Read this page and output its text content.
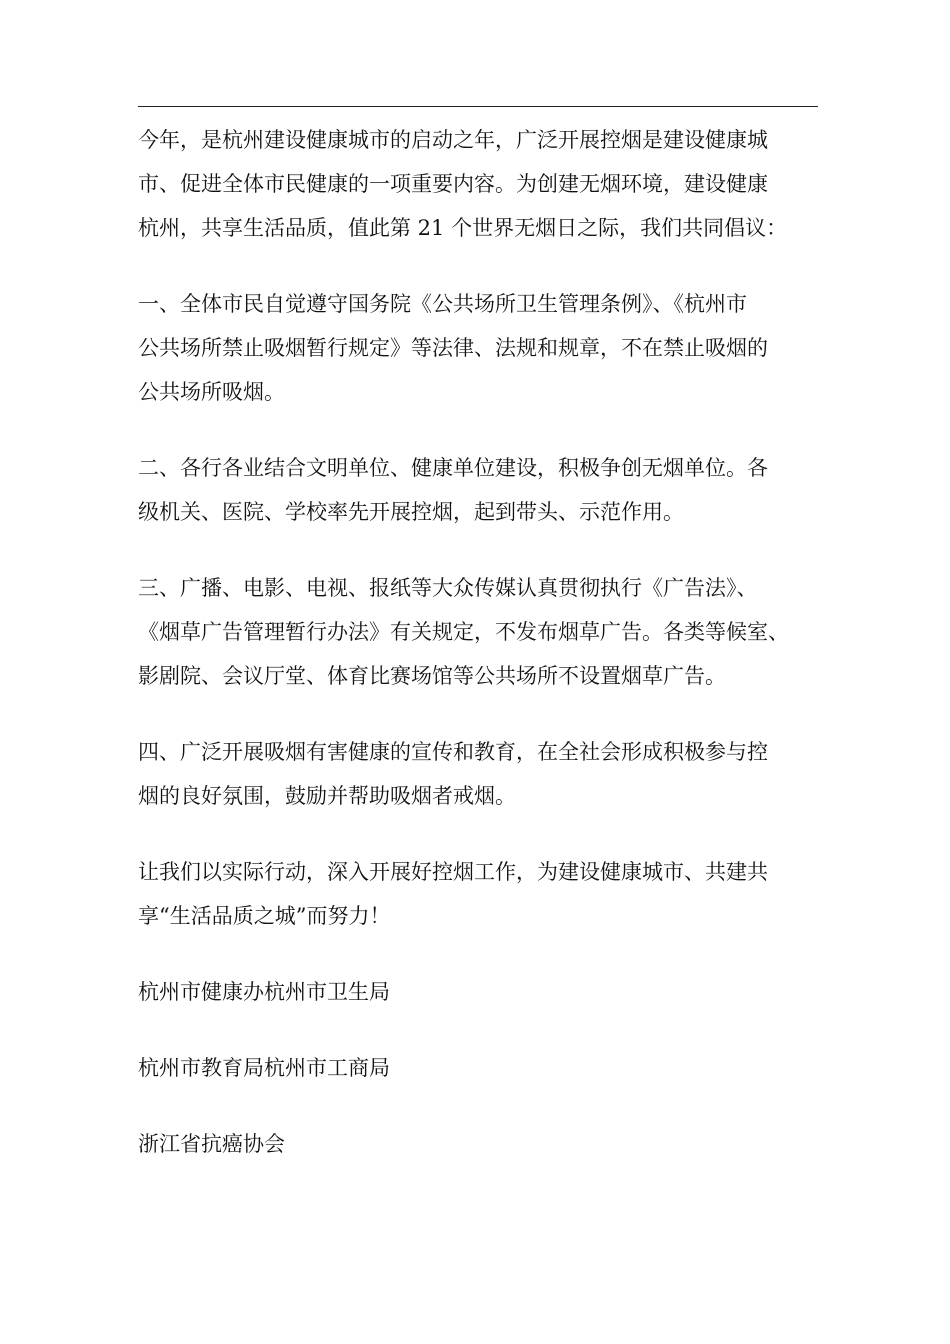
今年，是杭州建设健康城市的启动之年，广泛开展控烟是建设健康城
市、促进全体市民健康的一项重要内容。为创建无烟环境，建设健康
杭州，共享生活品质，值此第 21 个世界无烟日之际，我们共同倡议：

一、全体市民自觉遵守国务院《公共场所卫生管理条例》、《杭州市
公共场所禁止吸烟暂行规定》等法律、法规和规章，不在禁止吸烟的
公共场所吸烟。

二、各行各业结合文明单位、健康单位建设，积极争创无烟单位。各
级机关、医院、学校率先开展控烟，起到带头、示范作用。

三、广播、电影、电视、报纸等大众传媒认真贯彻执行《广告法》、
《烟草广告管理暂行办法》有关规定，不发布烟草广告。各类等候室、
影剧院、会议厅堂、体育比赛场馆等公共场所不设置烟草广告。

四、广泛开展吸烟有害健康的宣传和教育，在全社会形成积极参与控
烟的良好氛围，鼓励并帮助吸烟者戒烟。

让我们以实际行动，深入开展好控烟工作，为建设健康城市、共建共
享“生活品质之城”而努力！

杭州市健康办杭州市卫生局

杭州市教育局杭州市工商局

浙江省抗癌协会
